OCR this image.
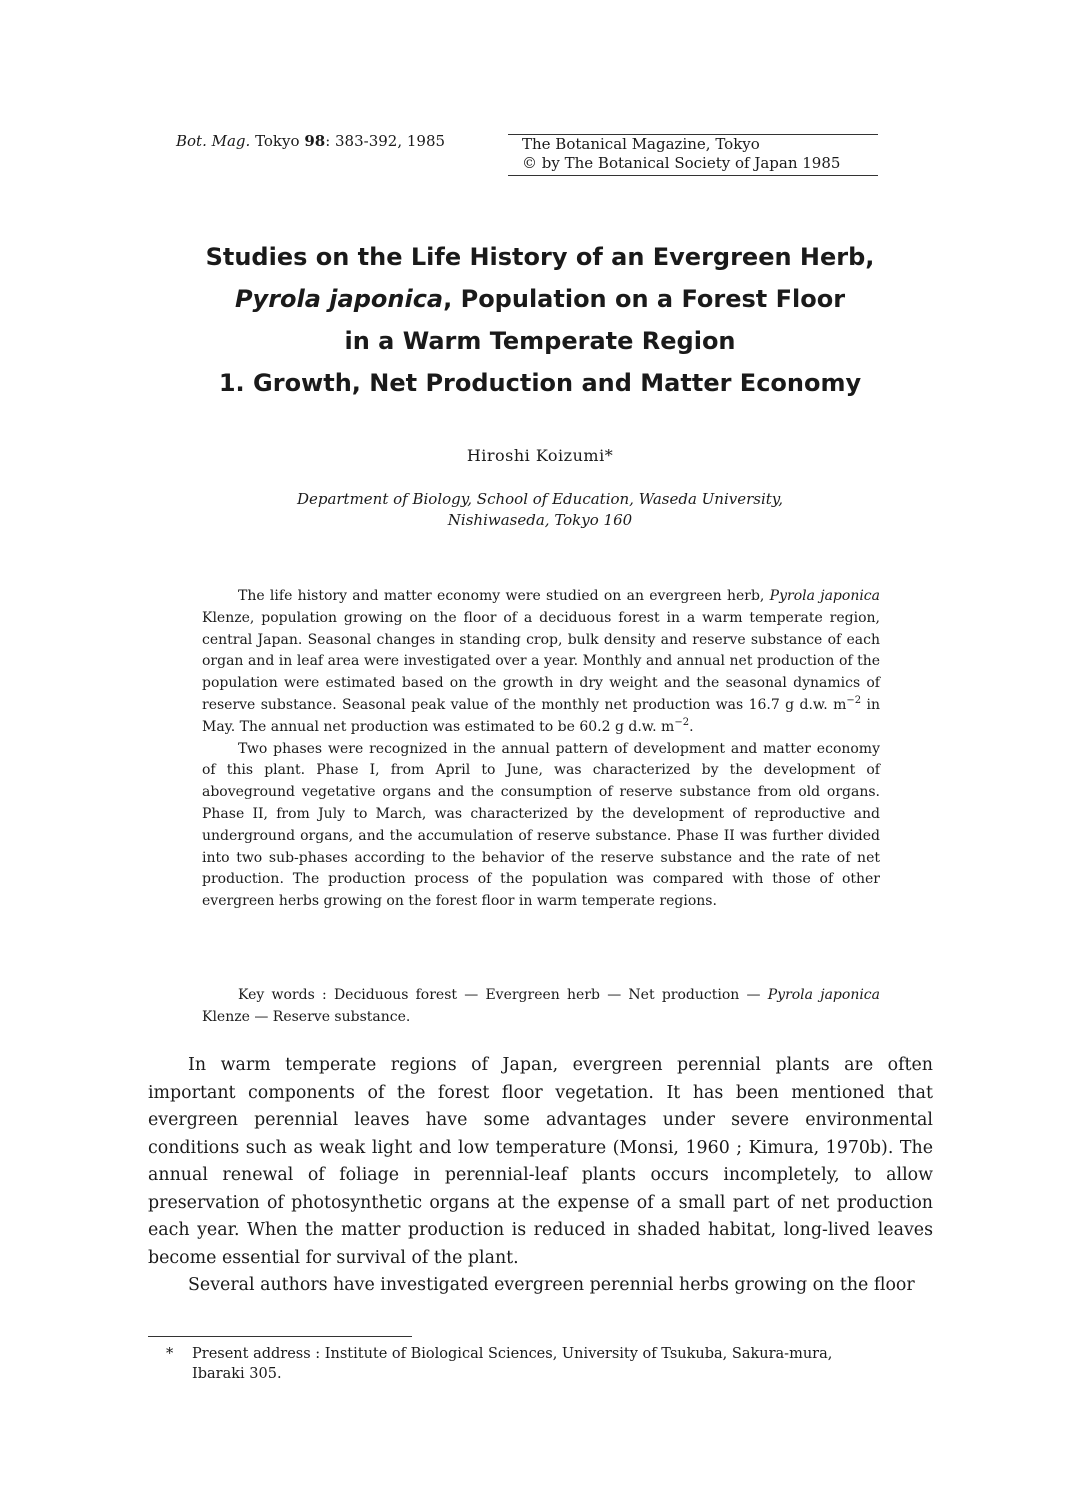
Bot. Mag. Tokyo 98: 383-392, 1985	The Botanical Magazine, Tokyo
© by The Botanical Society of Japan 1985
Studies on the Life History of an Evergreen Herb,
Pyrola japonica, Population on a Forest Floor
in a Warm Temperate Region
1. Growth, Net Production and Matter Economy
Hiroshi Koizumi*
Department of Biology, School of Education, Waseda University,
Nishiwaseda, Tokyo 160

The life history and matter economy were studied on an evergreen herb, Pyrola japonica Klenze, population growing on the floor of a deciduous forest in a warm temperate region, central Japan. Seasonal changes in standing crop, bulk density and reserve substance of each organ and in leaf area were investigated over a year. Monthly and annual net production of the population were estimated based on the growth in dry weight and the seasonal dynamics of reserve substance. Seasonal peak value of the monthly net production was 16.7 g d.w. $m^{-2}$ in May. The annual net production was estimated to be 60.2 g d.w. $m^{-2}$.

Two phases were recognized in the annual pattern of development and matter economy of this plant. Phase I, from April to June, was characterized by the development of aboveground vegetative organs and the consumption of reserve substance from old organs. Phase II, from July to March, was characterized by the development of reproductive and underground organs, and the accumulation of reserve substance. Phase II was further divided into two sub-phases according to the behavior of the reserve substance and the rate of net production. The production process of the population was compared with those of other evergreen herbs growing on the forest floor in warm temperate regions.

Key words : Deciduous forest — Evergreen herb — Net production — Pyrola japonica Klenze — Reserve substance.

In warm temperate regions of Japan, evergreen perennial plants are often important components of the forest floor vegetation. It has been mentioned that evergreen perennial leaves have some advantages under severe environmental conditions such as weak light and low temperature (Monsi, 1960 ; Kimura, 1970b). The annual renewal of foliage in perennial-leaf plants occurs incompletely, to allow preservation of photosynthetic organs at the expense of a small part of net production each year. When the matter production is reduced in shaded habitat, long-lived leaves become essential for survival of the plant.

Several authors have investigated evergreen perennial herbs growing on the floor

* Present address : Institute of Biological Sciences, University of Tsukuba, Sakura-mura,
Ibaraki 305.
